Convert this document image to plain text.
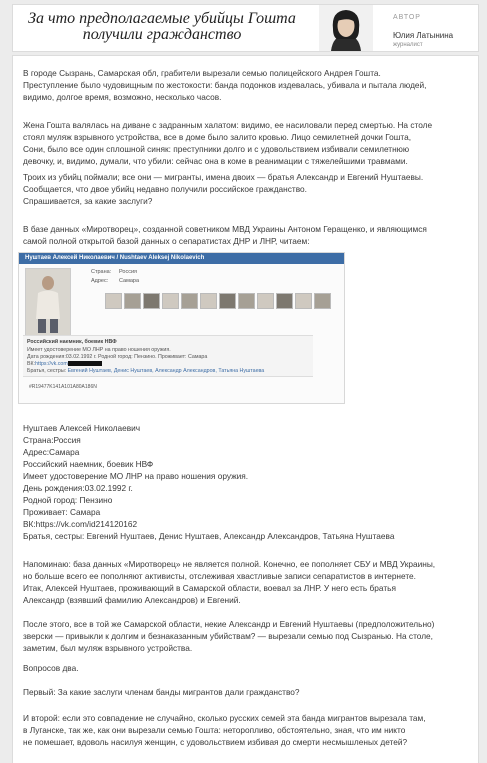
За что предполагаемые убийцы Гошта
получили гражданство
АВТОР
Юлия Латынина
журналист
В городе Сызрань, Самарская обл, грабители вырезали семью полицейского Андрея Гошта.
Преступление было чудовищным по жестокости: банда подонков издевалась, убивала и пытала людей,
видимо, долгое время, возможно, несколько часов.
Жена Гошта валялась на диване с задранным халатом: видимо, ее насиловали перед смертью. На столе
стоял муляж взрывного устройства, все в доме было залито кровью. Лицо семилетней дочки Гошта,
Сони, было все один сплошной синяк: преступники долго и с удовольствием избивали семилетнюю
девочку, и, видимо, думали, что убили: сейчас она в коме в реанимации с тяжелейшими травмами.
Троих из убийц поймали; все они — мигранты, имена двоих — братья Александр и Евгений Нуштаевы.
Сообщается, что двое убийц недавно получили российское гражданство.
Спрашивается, за какие заслуги?
В базе данных «Миротворец», созданной советником МВД Украины Антоном Геращенко, и являющимся
самой полной открытой базой данных о сепаратистах ДНР и ЛНР, читаем:
Нуштаев Алексей Николаевич / Nushtaev Aleksej Nikolaevich
Страна: Россия
Адрес: Самара
Российский наемник, боевик НВФ
Имеет удостоверение МО ЛНР на право ношения оружия.
Дата рождения:03.02.1992 г. Родной город: Пензино. Проживает: Самара
ВК:https://vk.com
Братья, сестры: Евгений Нуштаев, Денис Нуштаев, Александр Александров, Татьяна Нуштаева
#R19477K141A101A80A186N
Нуштаев Алексей Николаевич
Страна:Россия
Адрес:Самара
Российский наемник, боевик НВФ
Имеет удостоверение МО ЛНР на право ношения оружия.
День рождения:03.02.1992 г.
Родной город: Пензино
Проживает: Самара
ВК:https://vk.com/id214120162
Братья, сестры: Евгений Нуштаев, Денис Нуштаев, Александр Александров, Татьяна Нуштаева
Напоминаю: база данных «Миротворец» не является полной. Конечно, ее пополняет СБУ и МВД Украины,
но больше всего ее пополняют активисты, отслеживая хвастливые записи сепаратистов в интернете.
Итак, Алексей Нуштаев, проживающий в Самарской области, воевал за ЛНР. У него есть братья
Александр (взявший фамилию Александров) и Евгений.
После этого, все в той же Самарской области, некие Александр и Евгений Нуштаевы (предположительно)
зверски — привыкли к долгим и безнаказанным убийствам? — вырезали семью под Сызранью. На столе,
заметим, был муляж взрывного устройства.
Вопросов два.
Первый: За какие заслуги членам банды мигрантов дали гражданство?
И второй: если это совпадение не случайно, сколько русских семей эта банда мигрантов вырезала там,
в Луганске, так же, как они вырезали семью Гошта: неторопливо, обстоятельно, зная, что им никто
не помешает, вдоволь насилуя женщин, с удовольствием избивая до смерти несмышленых детей?
